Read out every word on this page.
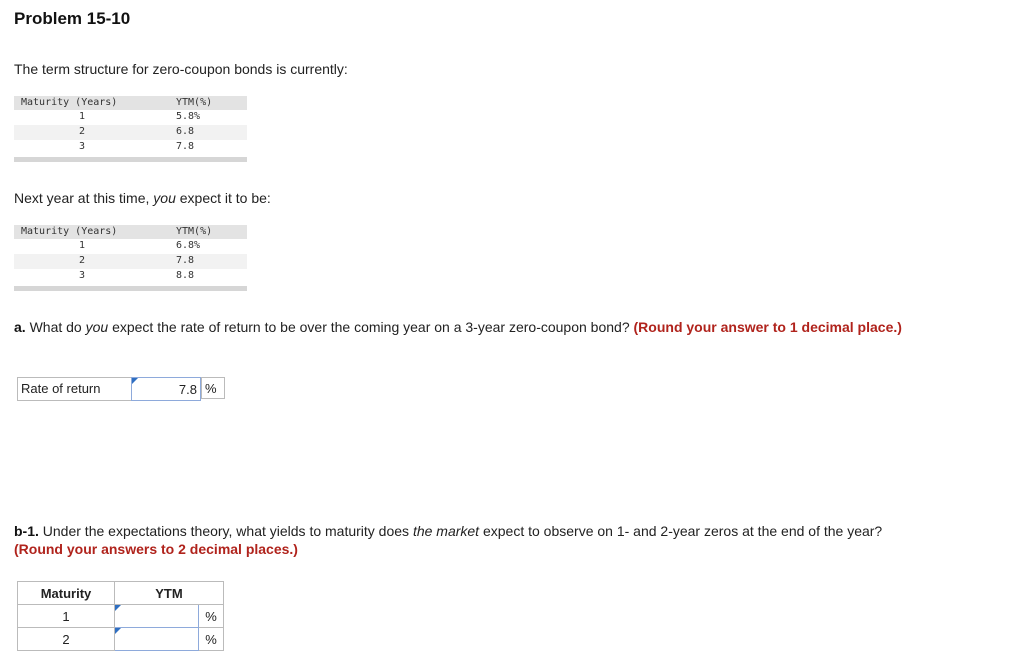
Problem 15-10
The term structure for zero-coupon bonds is currently:
Maturity (Years)	YTM(%)
1	5.8%
2	6.8
3	7.8
Next year at this time, you expect it to be:
Maturity (Years)	YTM(%)
1	6.8%
2	7.8
3	8.8
a. What do you expect the rate of return to be over the coming year on a 3-year zero-coupon bond? (Round your answer to 1 decimal place.)
Rate of return
7.8	%
b-1. Under the expectations theory, what yields to maturity does the market expect to observe on 1- and 2-year zeros at the end of the year? (Round your answers to 2 decimal places.)
Maturity	YTM	
1		%
2		%
